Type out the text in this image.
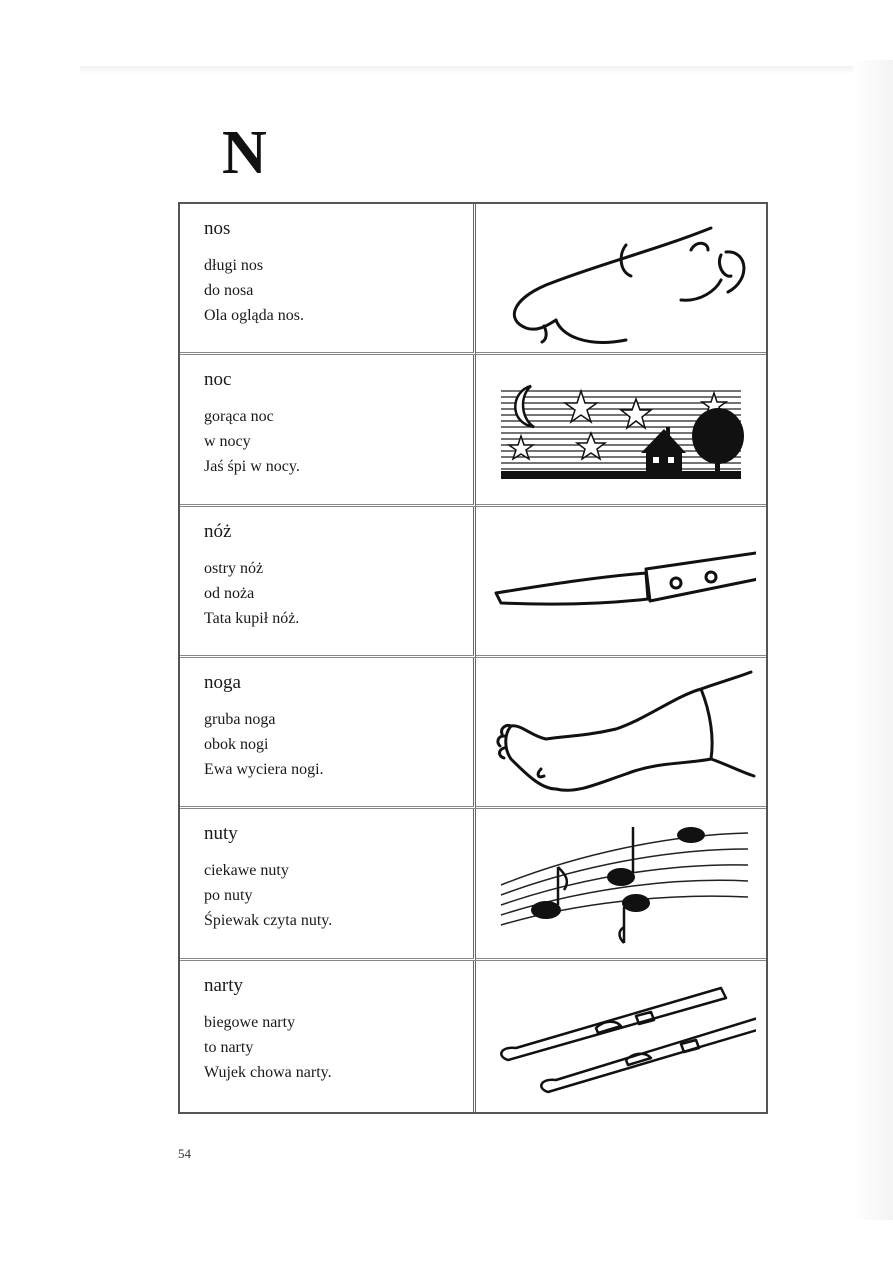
N

nos

długi nos

do nosa

Ola ogląda nos.

noc

gorąca noc

w nocy

Jaś śpi w nocy.

nóż

ostry nóż

od noża

Tata kupił nóż.

noga

gruba noga

obok nogi

Ewa wyciera nogi.

nuty

ciekawe nuty

po nuty

Śpiewak czyta nuty.

narty

biegowe narty

to narty

Wujek chowa narty.

54
